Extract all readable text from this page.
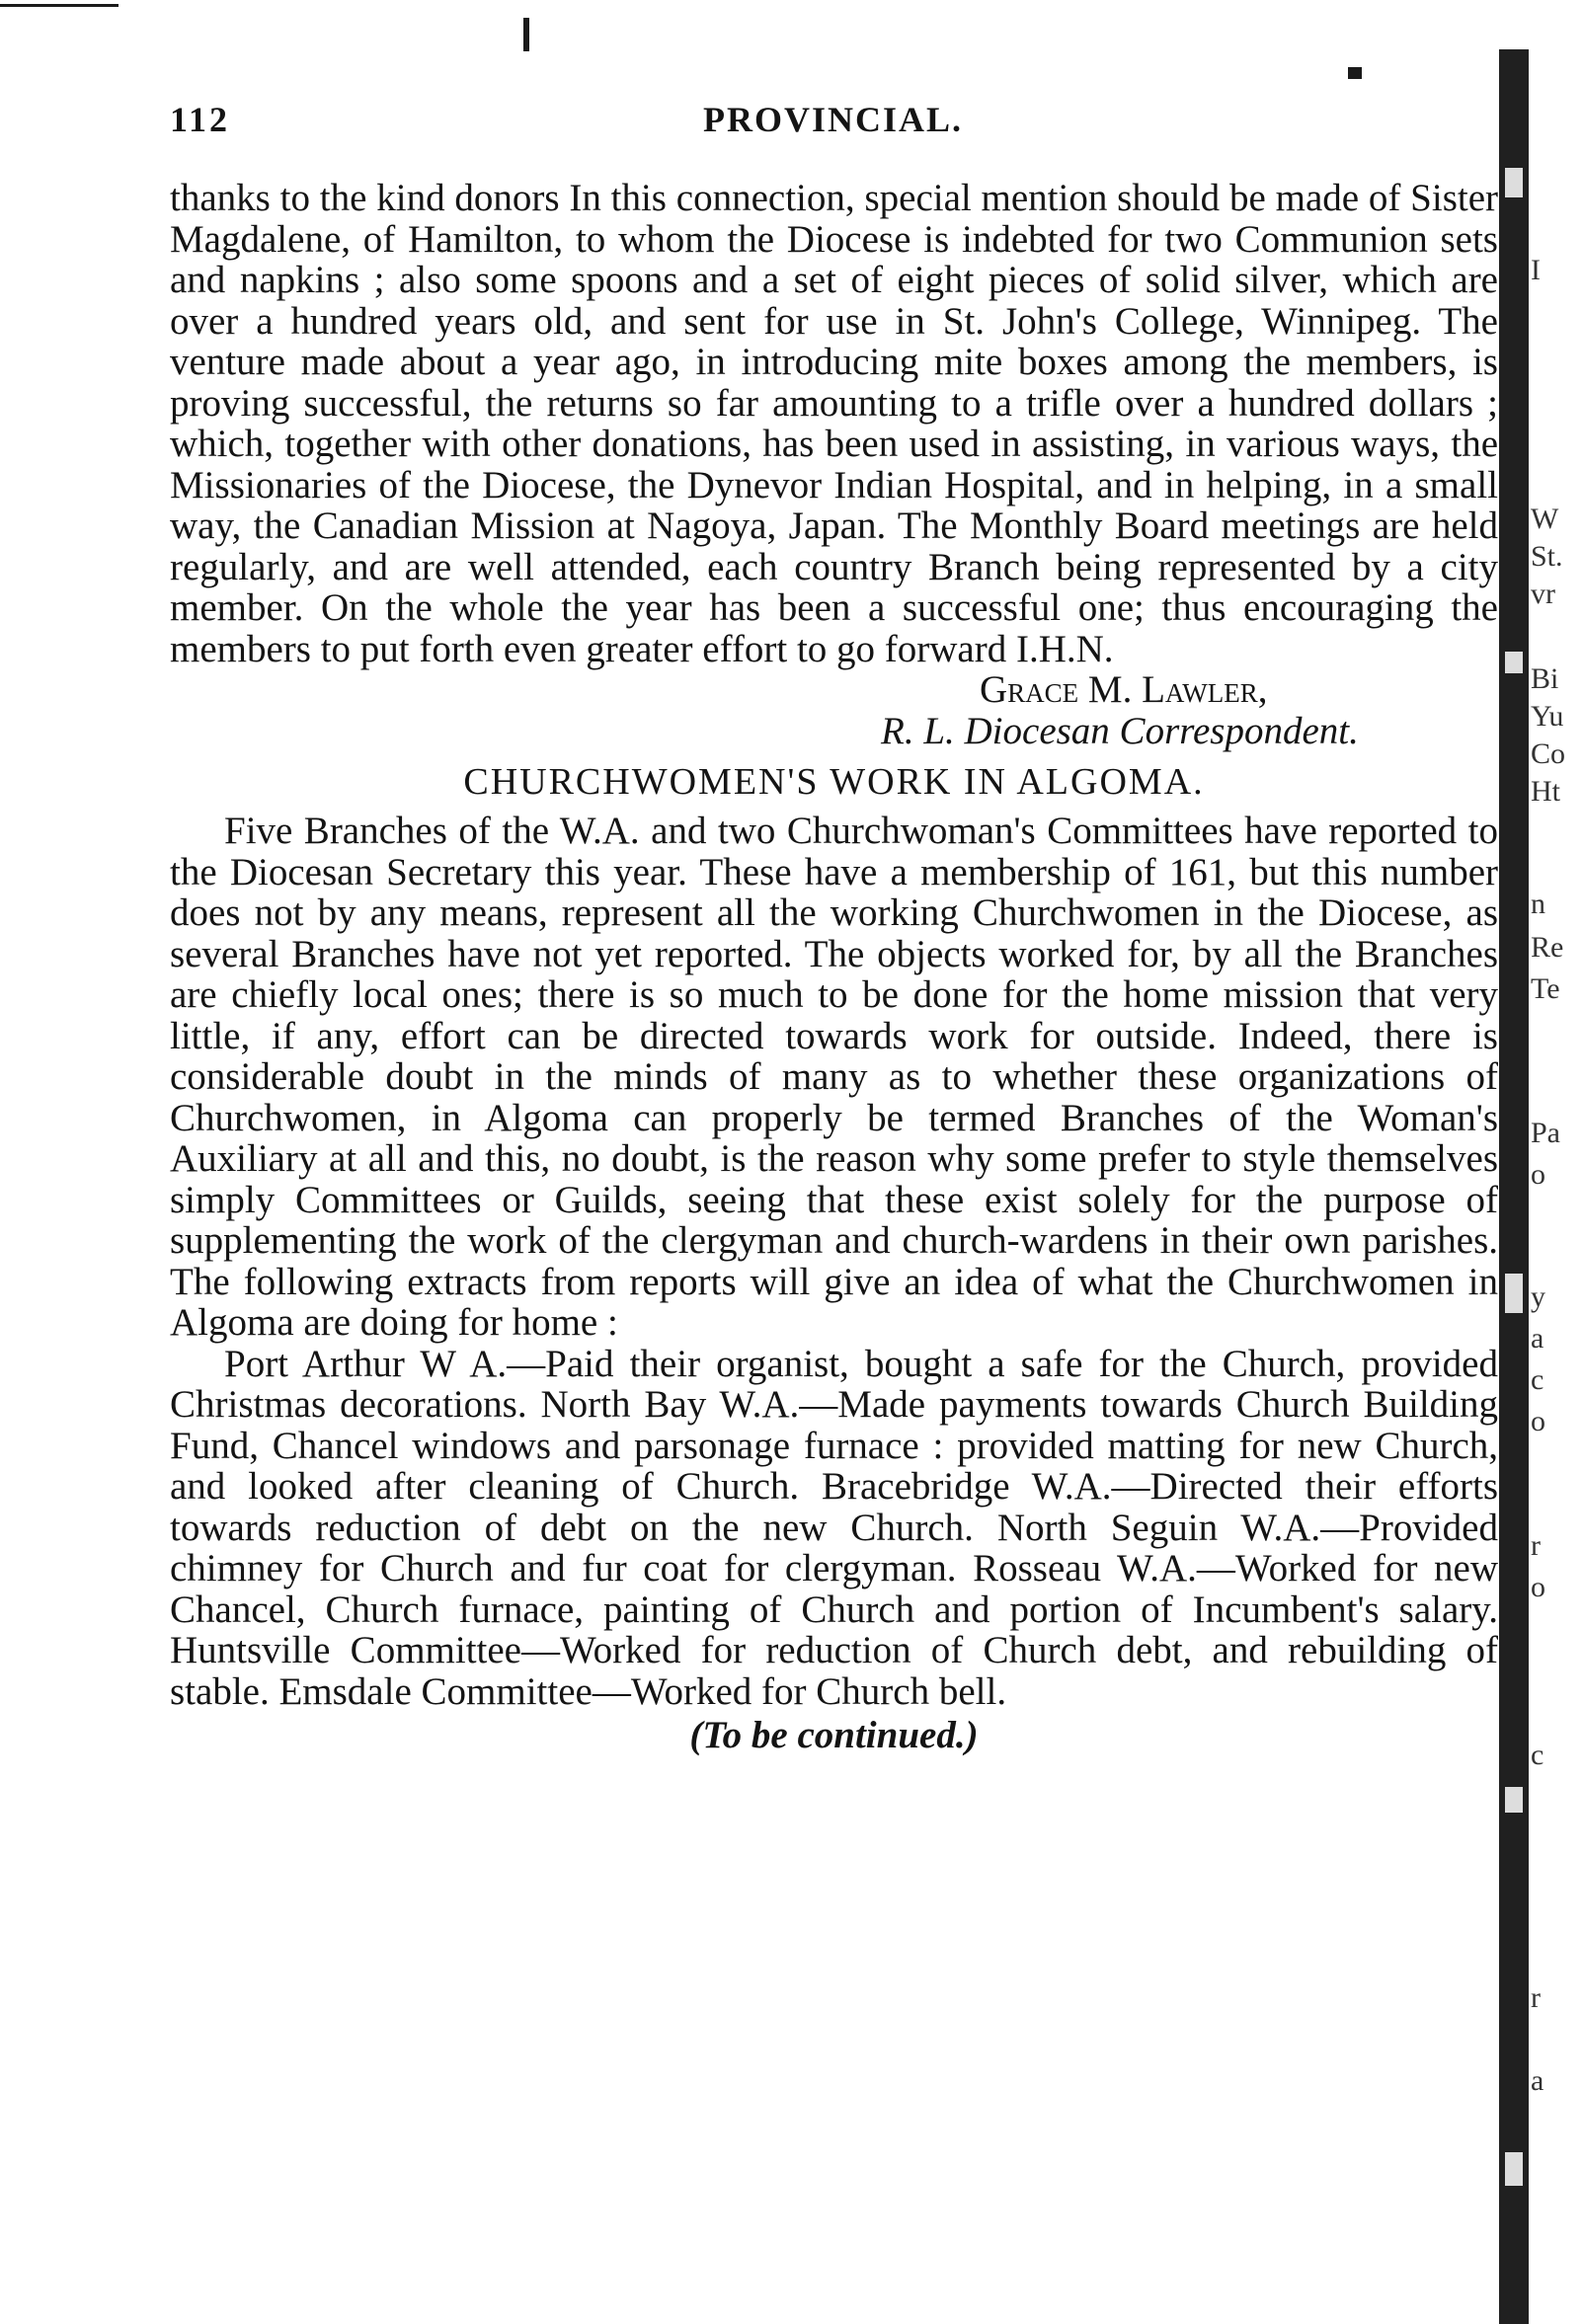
112	PROVINCIAL.

thanks to the kind donors In this connection, special mention should be made of Sister Magdalene, of Hamilton, to whom the Diocese is indebted for two Communion sets and napkins ; also some spoons and a set of eight pieces of solid silver, which are over a hundred years old, and sent for use in St. John's College, Winnipeg. The venture made about a year ago, in introducing mite boxes among the members, is proving successful, the returns so far amounting to a trifle over a hundred dollars ; which, together with other donations, has been used in assisting, in various ways, the Missionaries of the Diocese, the Dynevor Indian Hospital, and in helping, in a small way, the Canadian Mission at Nagoya, Japan. The Monthly Board meetings are held regularly, and are well attended, each country Branch being represented by a city member. On the whole the year has been a successful one; thus encouraging the members to put forth even greater effort to go forward I.H.N.

Grace M. Lawler,
R. L. Diocesan Correspondent.
CHURCHWOMEN'S WORK IN ALGOMA.

Five Branches of the W.A. and two Churchwoman's Committees have reported to the Diocesan Secretary this year. These have a membership of 161, but this number does not by any means, represent all the working Churchwomen in the Diocese, as several Branches have not yet reported. The objects worked for, by all the Branches are chiefly local ones; there is so much to be done for the home mission that very little, if any, effort can be directed towards work for outside. Indeed, there is considerable doubt in the minds of many as to whether these organizations of Churchwomen, in Algoma can properly be termed Branches of the Woman's Auxiliary at all and this, no doubt, is the reason why some prefer to style themselves simply Committees or Guilds, seeing that these exist solely for the purpose of supplementing the work of the clergyman and church-wardens in their own parishes. The following extracts from reports will give an idea of what the Churchwomen in Algoma are doing for home :

Port Arthur W A.—Paid their organist, bought a safe for the Church, provided Christmas decorations. North Bay W.A.—Made payments towards Church Building Fund, Chancel windows and parsonage furnace : provided matting for new Church, and looked after cleaning of Church. Bracebridge W.A.—Directed their efforts towards reduction of debt on the new Church. North Seguin W.A.—Provided chimney for Church and fur coat for clergyman. Rosseau W.A.—Worked for new Chancel, Church furnace, painting of Church and portion of Incumbent's salary. Huntsville Committee—Worked for reduction of Church debt, and rebuilding of stable. Emsdale Committee—Worked for Church bell.

(To be continued.)
I
W
St.
vr
Bi
Yu
Co
Ht
n
Re
Te
Pa
o
y
a
c
o
r
o
c
r
a
